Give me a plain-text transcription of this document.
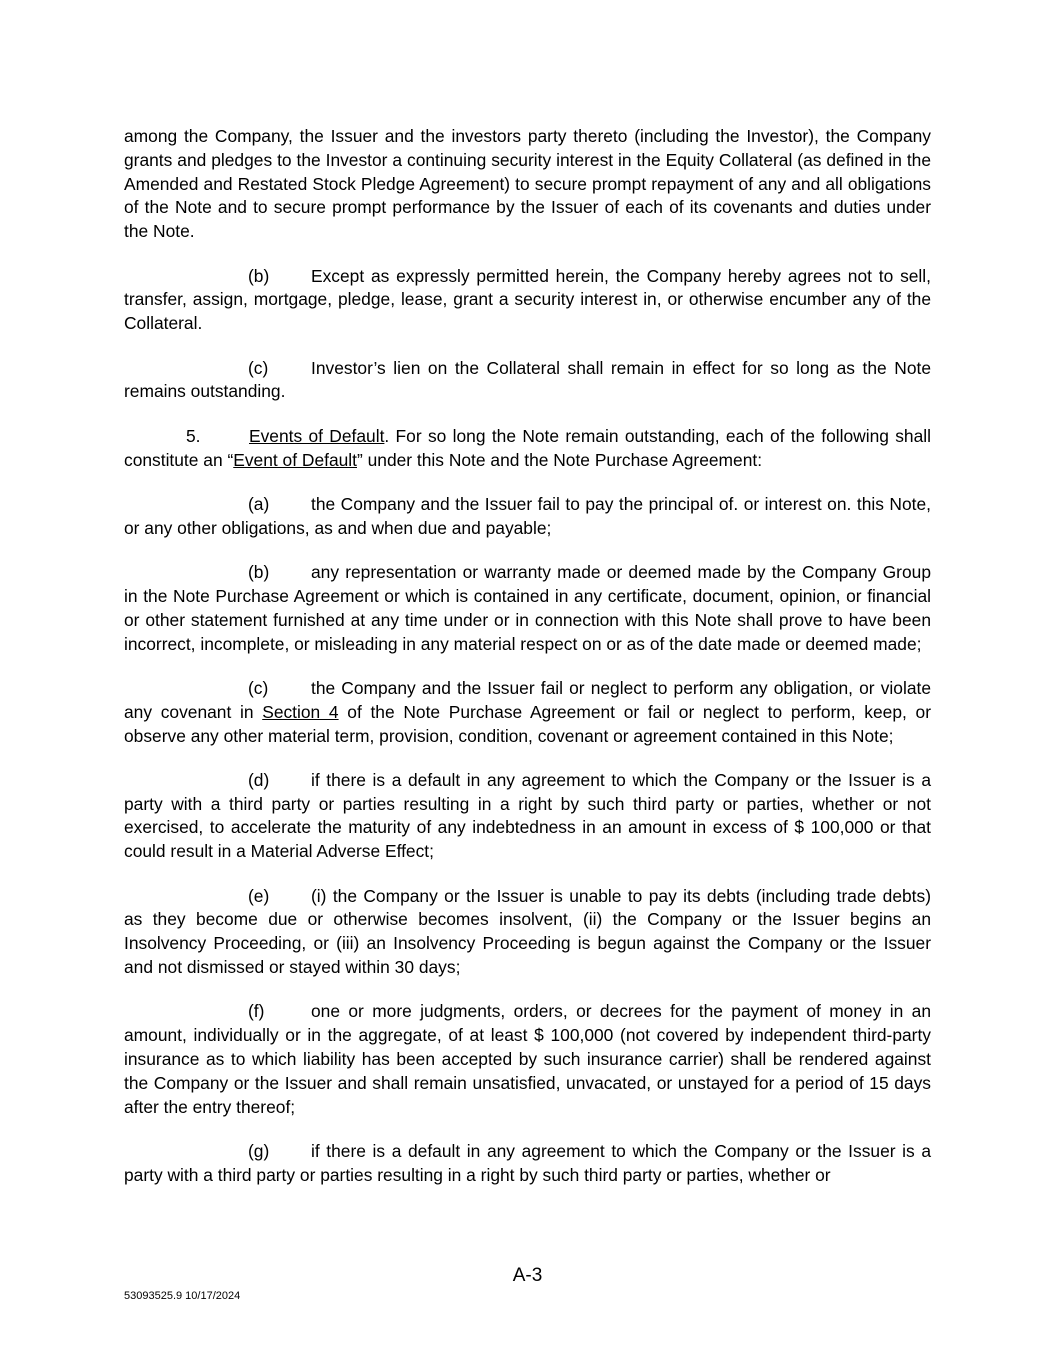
among the Company, the Issuer and the investors party thereto (including the Investor), the Company grants and pledges to the Investor a continuing security interest in the Equity Collateral (as defined in the Amended and Restated Stock Pledge Agreement) to secure prompt repayment of any and all obligations of the Note and to secure prompt performance by the Issuer of each of its covenants and duties under the Note.

(b) Except as expressly permitted herein, the Company hereby agrees not to sell, transfer, assign, mortgage, pledge, lease, grant a security interest in, or otherwise encumber any of the Collateral.

(c) Investor’s lien on the Collateral shall remain in effect for so long as the Note remains outstanding.

5.	Events of Default. For so long the Note remain outstanding, each of the following shall constitute an “Event of Default” under this Note and the Note Purchase Agreement:

(a) the Company and the Issuer fail to pay the principal of. or interest on. this Note, or any other obligations, as and when due and payable;

(b) any representation or warranty made or deemed made by the Company Group in the Note Purchase Agreement or which is contained in any certificate, document, opinion, or financial or other statement furnished at any time under or in connection with this Note shall prove to have been incorrect, incomplete, or misleading in any material respect on or as of the date made or deemed made;

(c) the Company and the Issuer fail or neglect to perform any obligation, or violate any covenant in Section 4 of the Note Purchase Agreement or fail or neglect to perform, keep, or observe any other material term, provision, condition, covenant or agreement contained in this Note;

(d) if there is a default in any agreement to which the Company or the Issuer is a party with a third party or parties resulting in a right by such third party or parties, whether or not exercised, to accelerate the maturity of any indebtedness in an amount in excess of $ 100,000 or that could result in a Material Adverse Effect;

(e) (i) the Company or the Issuer is unable to pay its debts (including trade debts) as they become due or otherwise becomes insolvent, (ii) the Company or the Issuer begins an Insolvency Proceeding, or (iii) an Insolvency Proceeding is begun against the Company or the Issuer and not dismissed or stayed within 30 days;

(f)	one or more judgments, orders, or decrees for the payment of money in an amount, individually or in the aggregate, of at least $ 100,000 (not covered by independent third-party insurance as to which liability has been accepted by such insurance carrier) shall be rendered against the Company or the Issuer and shall remain unsatisfied, unvacated, or unstayed for a period of 15 days after the entry thereof;

(g) if there is a default in any agreement to which the Company or the Issuer is a party with a third party or parties resulting in a right by such third party or parties, whether or

A-3
53093525.9 10/17/2024
